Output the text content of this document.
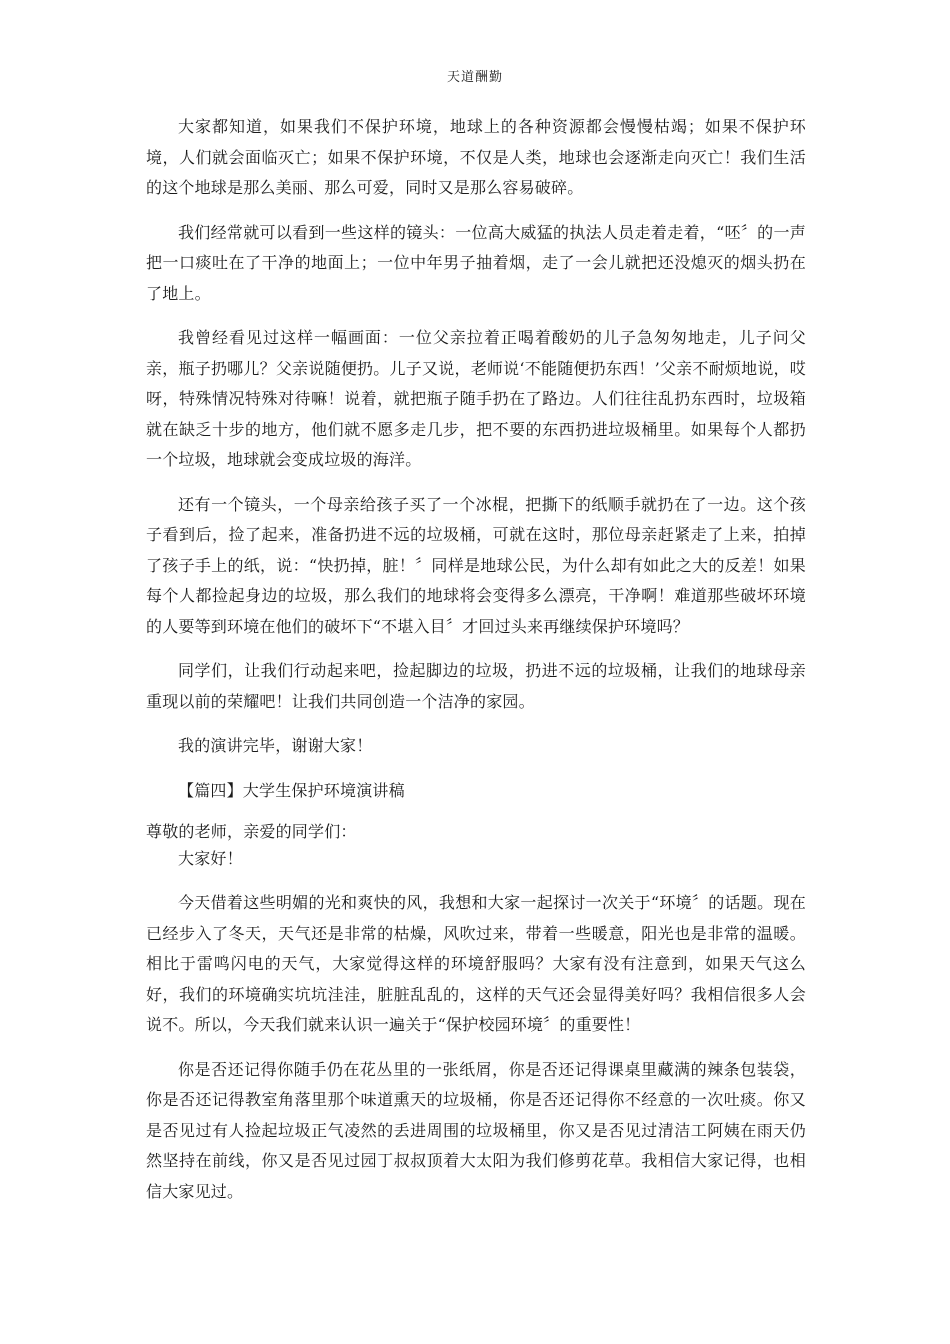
天道酬勤

大家都知道，如果我们不保护环境，地球上的各种资源都会慢慢枯竭；如果不保护环境，人们就会面临灭亡；如果不保护环境，不仅是人类，地球也会逐渐走向灭亡！我们生活的这个地球是那么美丽、那么可爱，同时又是那么容易破碎。

我们经常就可以看到一些这样的镜头：一位高大威猛的执法人员走着走着，“呸〞的一声把一口痰吐在了干净的地面上；一位中年男子抽着烟，走了一会儿就把还没熄灭的烟头扔在了地上。

我曾经看见过这样一幅画面：一位父亲拉着正喝着酸奶的儿子急匆匆地走，儿子问父亲，瓶子扔哪儿？父亲说随便扔。儿子又说，老师说‘不能随便扔东西！’父亲不耐烦地说，哎呀，特殊情况特殊对待嘛！说着，就把瓶子随手扔在了路边。人们往往乱扔东西时，垃圾箱就在缺乏十步的地方，他们就不愿多走几步，把不要的东西扔进垃圾桶里。如果每个人都扔一个垃圾，地球就会变成垃圾的海洋。

还有一个镜头，一个母亲给孩子买了一个冰棍，把撕下的纸顺手就扔在了一边。这个孩子看到后，捡了起来，准备扔进不远的垃圾桶，可就在这时，那位母亲赶紧走了上来，拍掉了孩子手上的纸，说：“快扔掉，脏！〞同样是地球公民，为什么却有如此之大的反差！如果每个人都捡起身边的垃圾，那么我们的地球将会变得多么漂亮，干净啊！难道那些破坏环境的人要等到环境在他们的破坏下“不堪入目〞才回过头来再继续保护环境吗？

同学们，让我们行动起来吧，捡起脚边的垃圾，扔进不远的垃圾桶，让我们的地球母亲重现以前的荣耀吧！让我们共同创造一个洁净的家园。

我的演讲完毕，谢谢大家！

【篇四】大学生保护环境演讲稿

尊敬的老师，亲爱的同学们：

大家好！

今天借着这些明媚的光和爽快的风，我想和大家一起探讨一次关于“环境〞的话题。现在已经步入了冬天，天气还是非常的枯燥，风吹过来，带着一些暖意，阳光也是非常的温暖。相比于雷鸣闪电的天气，大家觉得这样的环境舒服吗？大家有没有注意到，如果天气这么好，我们的环境确实坑坑洼洼，脏脏乱乱的，这样的天气还会显得美好吗？我相信很多人会说不。所以，今天我们就来认识一遍关于“保护校园环境〞的重要性！

你是否还记得你随手仍在花丛里的一张纸屑，你是否还记得课桌里藏满的辣条包装袋，你是否还记得教室角落里那个味道熏天的垃圾桶，你是否还记得你不经意的一次吐痰。你又是否见过有人捡起垃圾正气凌然的丢进周围的垃圾桶里，你又是否见过清洁工阿姨在雨天仍然坚持在前线，你又是否见过园丁叔叔顶着大太阳为我们修剪花草。我相信大家记得，也相信大家见过。
